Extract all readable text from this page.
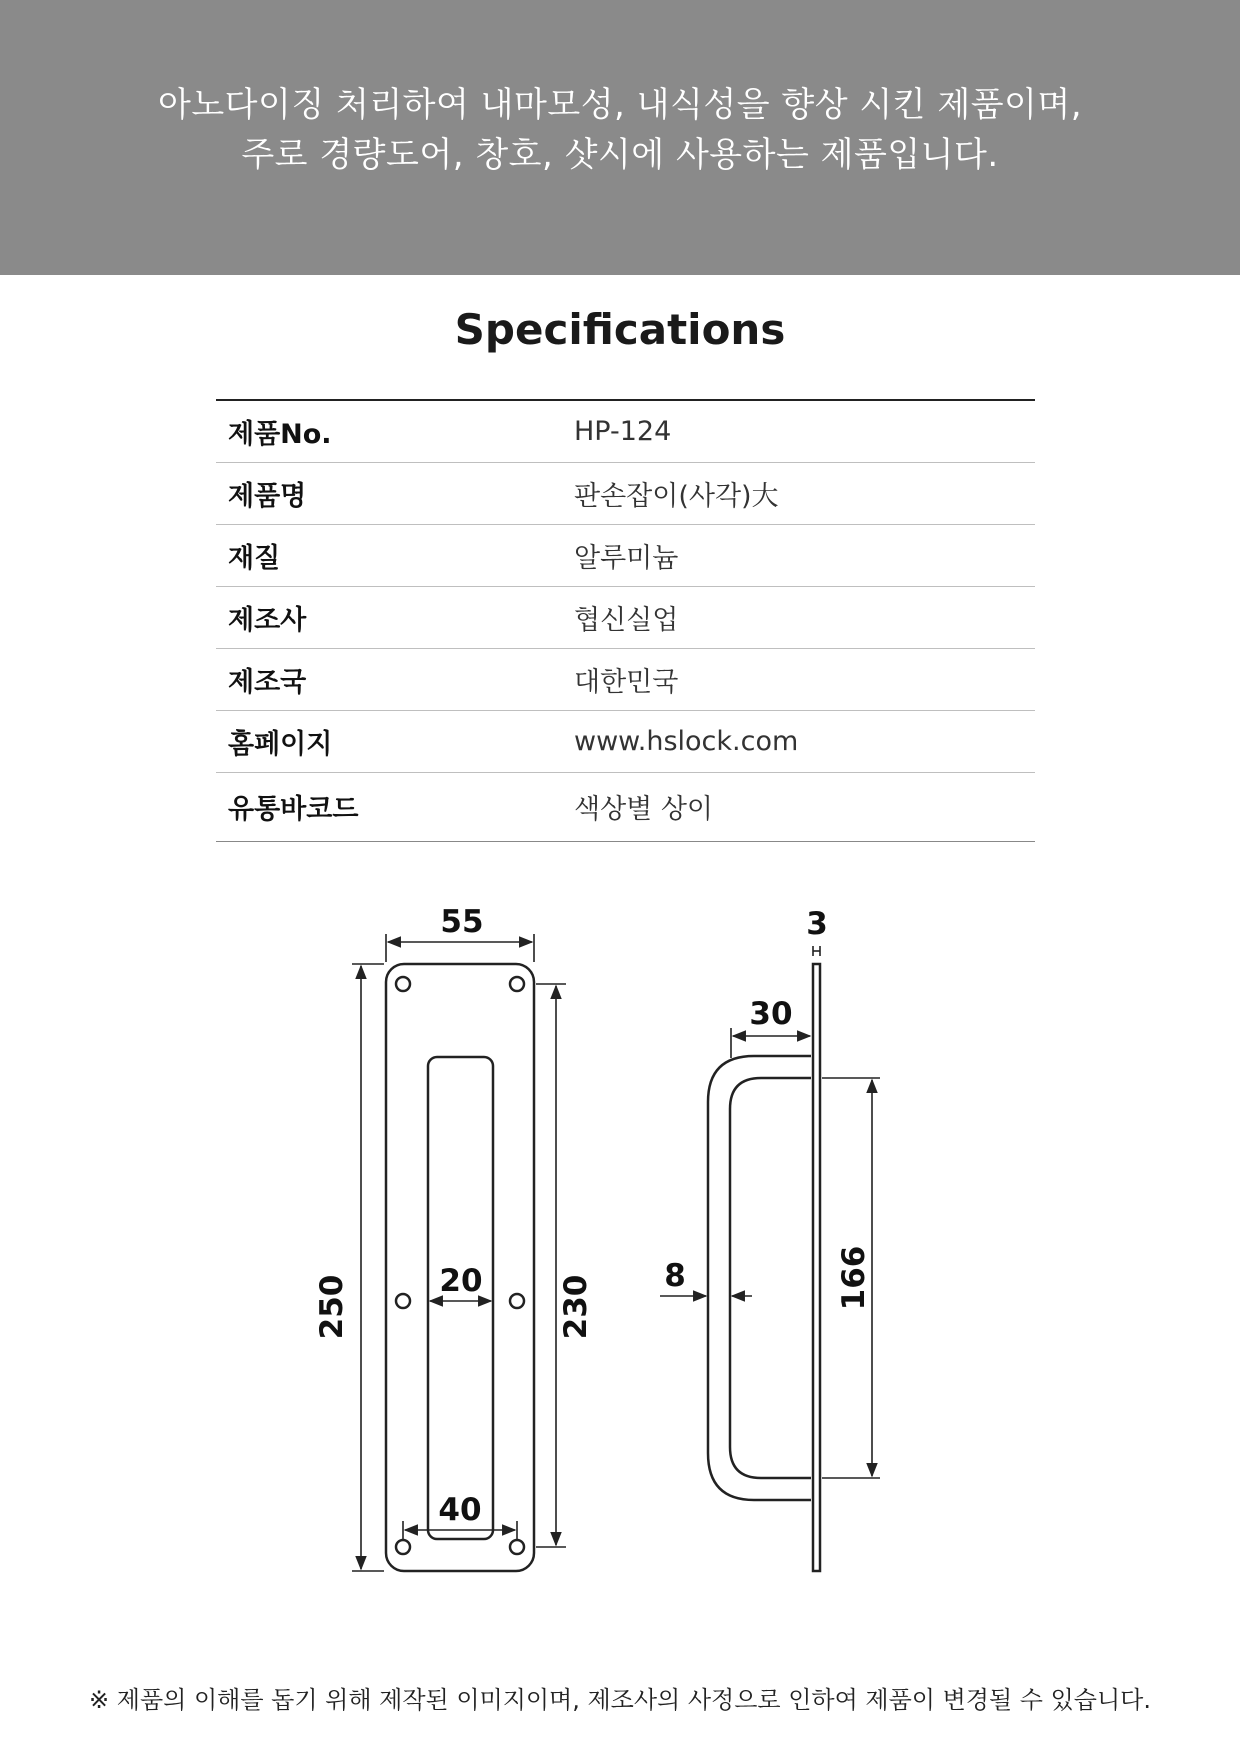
아노다이징 처리하여 내마모성, 내식성을 향상 시킨 제품이며,

주로 경량도어, 창호, 샷시에 사용하는 제품입니다.

Specifications
제품No.	HP-124
제품명	판손잡이(사각)大
재질	알루미늄
제조사	협신실업
제조국	대한민국
홈페이지	www.hslock.com
유통바코드	색상별 상이
55
250	230
20
40
3
30
8	166

※ 제품의 이해를 돕기 위해 제작된 이미지이며, 제조사의 사정으로 인하여 제품이 변경될 수 있습니다.
